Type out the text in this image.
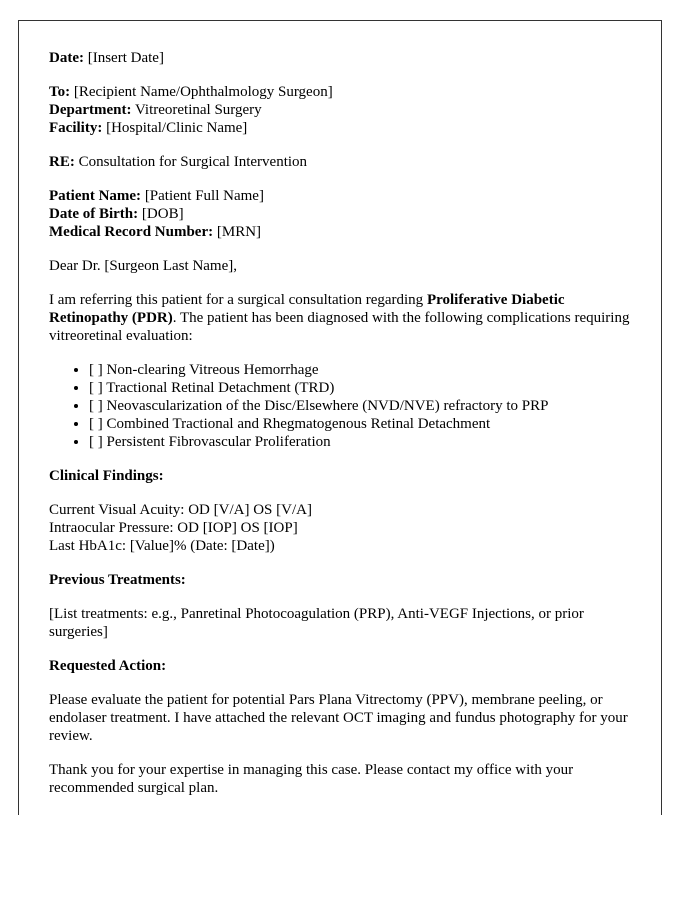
Date: [Insert Date]

To: [Recipient Name/Ophthalmology Surgeon]
Department: Vitreoretinal Surgery
Facility: [Hospital/Clinic Name]

RE: Consultation for Surgical Intervention

Patient Name: [Patient Full Name]
Date of Birth: [DOB]
Medical Record Number: [MRN]

Dear Dr. [Surgeon Last Name],

I am referring this patient for a surgical consultation regarding Proliferative Diabetic Retinopathy (PDR). The patient has been diagnosed with the following complications requiring vitreoretinal evaluation:

• [ ] Non-clearing Vitreous Hemorrhage
• [ ] Tractional Retinal Detachment (TRD)
• [ ] Neovascularization of the Disc/Elsewhere (NVD/NVE) refractory to PRP
• [ ] Combined Tractional and Rhegmatogenous Retinal Detachment
• [ ] Persistent Fibrovascular Proliferation

Clinical Findings:

Current Visual Acuity: OD [V/A] OS [V/A]
Intraocular Pressure: OD [IOP] OS [IOP]
Last HbA1c: [Value]% (Date: [Date])

Previous Treatments:

[List treatments: e.g., Panretinal Photocoagulation (PRP), Anti-VEGF Injections, or prior surgeries]

Requested Action:

Please evaluate the patient for potential Pars Plana Vitrectomy (PPV), membrane peeling, or endolaser treatment. I have attached the relevant OCT imaging and fundus photography for your review.

Thank you for your expertise in managing this case. Please contact my office with your recommended surgical plan.
